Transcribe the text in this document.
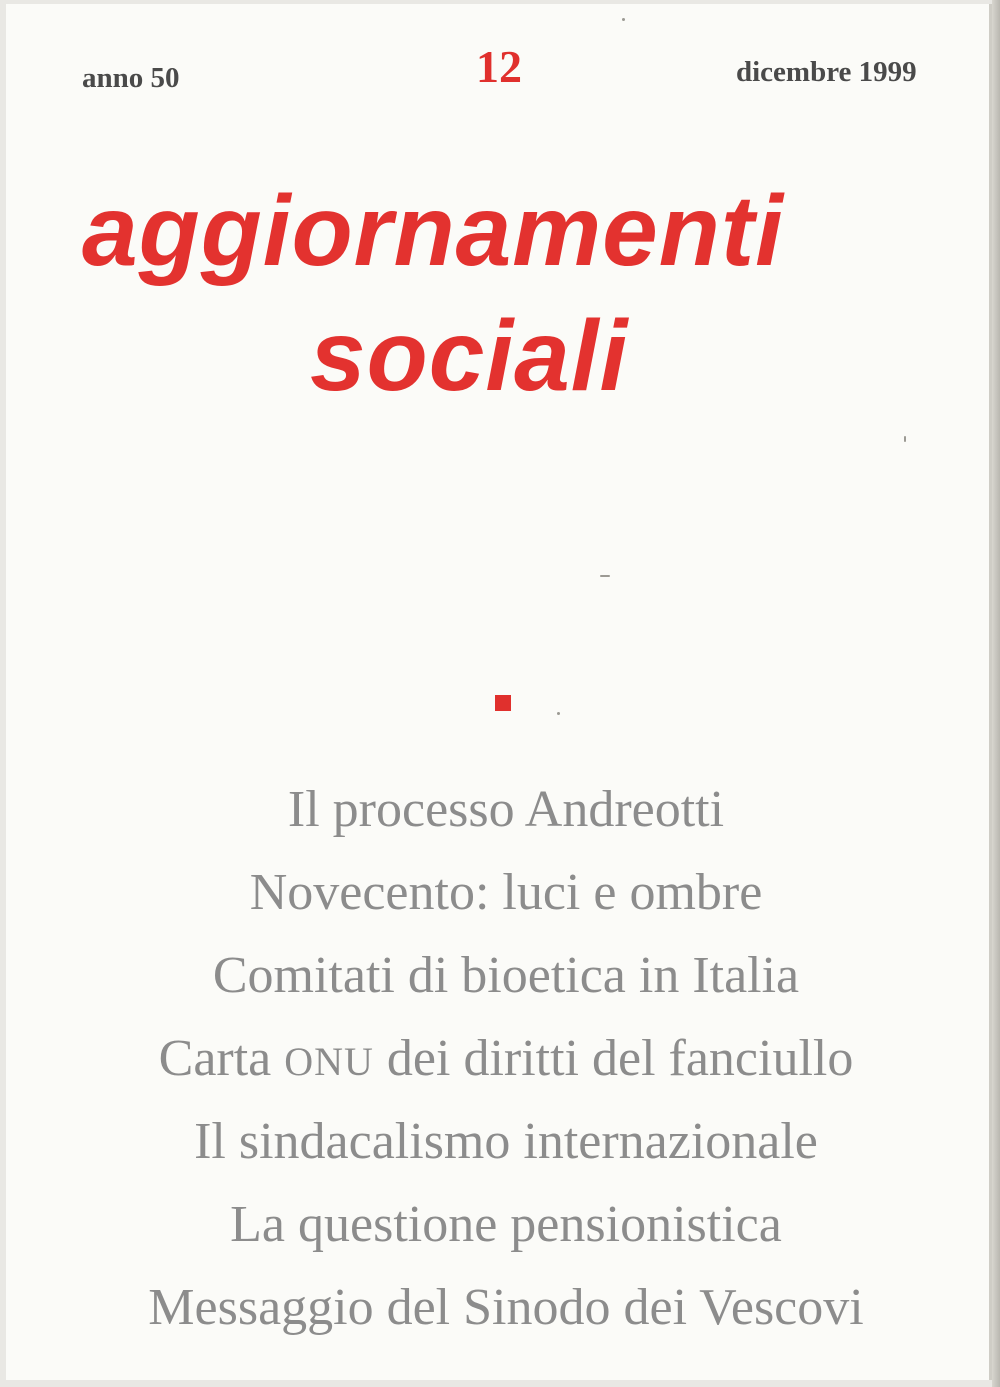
anno 50	12	dicembre 1999
aggiornamenti
sociali
Il processo Andreotti
Novecento: luci e ombre
Comitati di bioetica in Italia
Carta ONU dei diritti del fanciullo
Il sindacalismo internazionale
La questione pensionistica
Messaggio del Sinodo dei Vescovi
